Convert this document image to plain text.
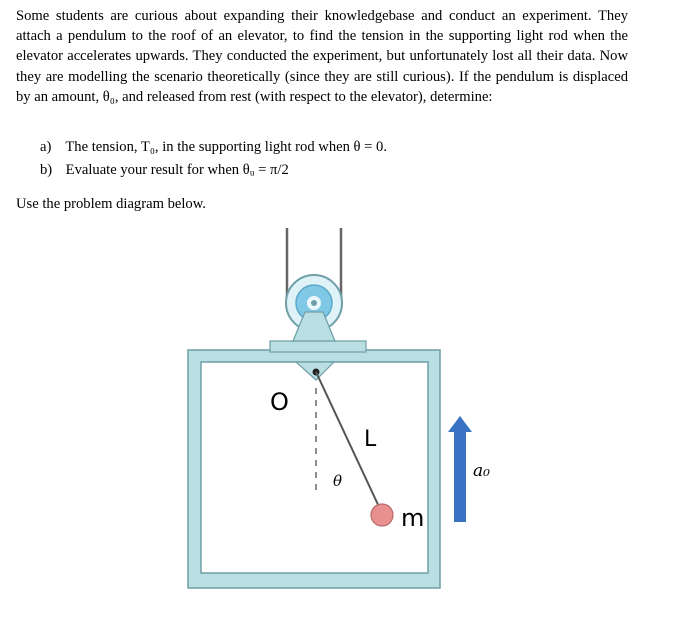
Some students are curious about expanding their knowledgebase and conduct an experiment. They attach a pendulum to the roof of an elevator, to find the tension in the supporting light rod when the elevator accelerates upwards. They conducted the experiment, but unfortunately lost all their data. Now they are modelling the scenario theoretically (since they are still curious). If the pendulum is displaced by an amount, θ₀, and released from rest (with respect to the elevator), determine:
a) The tension, T₀, in the supporting light rod when θ = 0.
b) Evaluate your result for when θᵤ = π/2
Use the problem diagram below.
O
L
θ
m
a₀
